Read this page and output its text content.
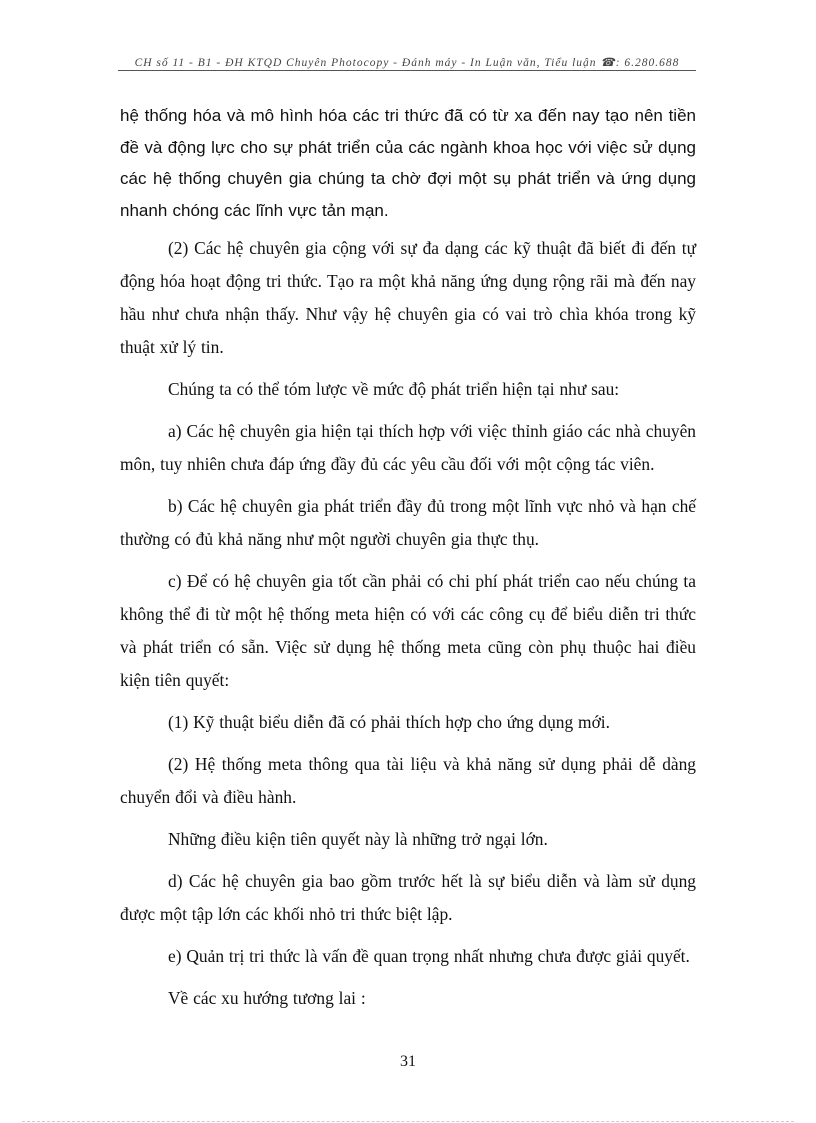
CH số 11 - B1 - ĐH KTQD Chuyên Photocopy - Đánh máy - In Luận văn, Tiểu luận ☎: 6.280.688

hệ thống hóa và mô hình hóa các tri thức đã có từ xa đến nay tạo nên tiền đề và động lực cho sự phát triển của các ngành khoa học với việc sử dụng các hệ thống chuyên gia chúng ta chờ đợi một sụ phát triển và ứng dụng nhanh chóng các lĩnh vực tản mạn.

(2) Các hệ chuyên gia cộng với sự đa dạng các kỹ thuật đã biết đi đến tự động hóa hoạt động tri thức. Tạo ra một khả năng ứng dụng rộng rãi mà đến nay hầu như chưa nhận thấy. Như vậy hệ chuyên gia có vai trò chìa khóa trong kỹ thuật xử lý tin.

Chúng ta có thể tóm lược về mức độ phát triển hiện tại như sau:

a) Các hệ chuyên gia hiện tại thích hợp với việc thỉnh giáo các nhà chuyên môn, tuy nhiên chưa đáp ứng đầy đủ các yêu cầu đối với một cộng tác viên.

b) Các hệ chuyên gia phát triển đầy đủ trong một lĩnh vực nhỏ và hạn chế thường có đủ khả năng như một người chuyên gia thực thụ.

c) Để có hệ chuyên gia tốt cần phải có chi phí phát triển cao nếu chúng ta không thể đi từ một hệ thống meta hiện có với các công cụ để biểu diễn tri thức và phát triển có sẵn. Việc sử dụng hệ thống meta cũng còn phụ thuộc hai điều kiện tiên quyết:

(1) Kỹ thuật biểu diễn đã có phải thích hợp cho ứng dụng mới.

(2) Hệ thống meta thông qua tài liệu và khả năng sử dụng phải dễ dàng chuyển đổi và điều hành.

Những điều kiện tiên quyết này là những trở ngại lớn.

d) Các hệ chuyên gia bao gồm trước hết là sự biểu diễn và làm sử dụng được một tập lớn các khối nhỏ tri thức biệt lập.

e) Quản trị tri thức là vấn đề quan trọng nhất nhưng chưa được giải quyết.

Về các xu hướng tương lai :

31
